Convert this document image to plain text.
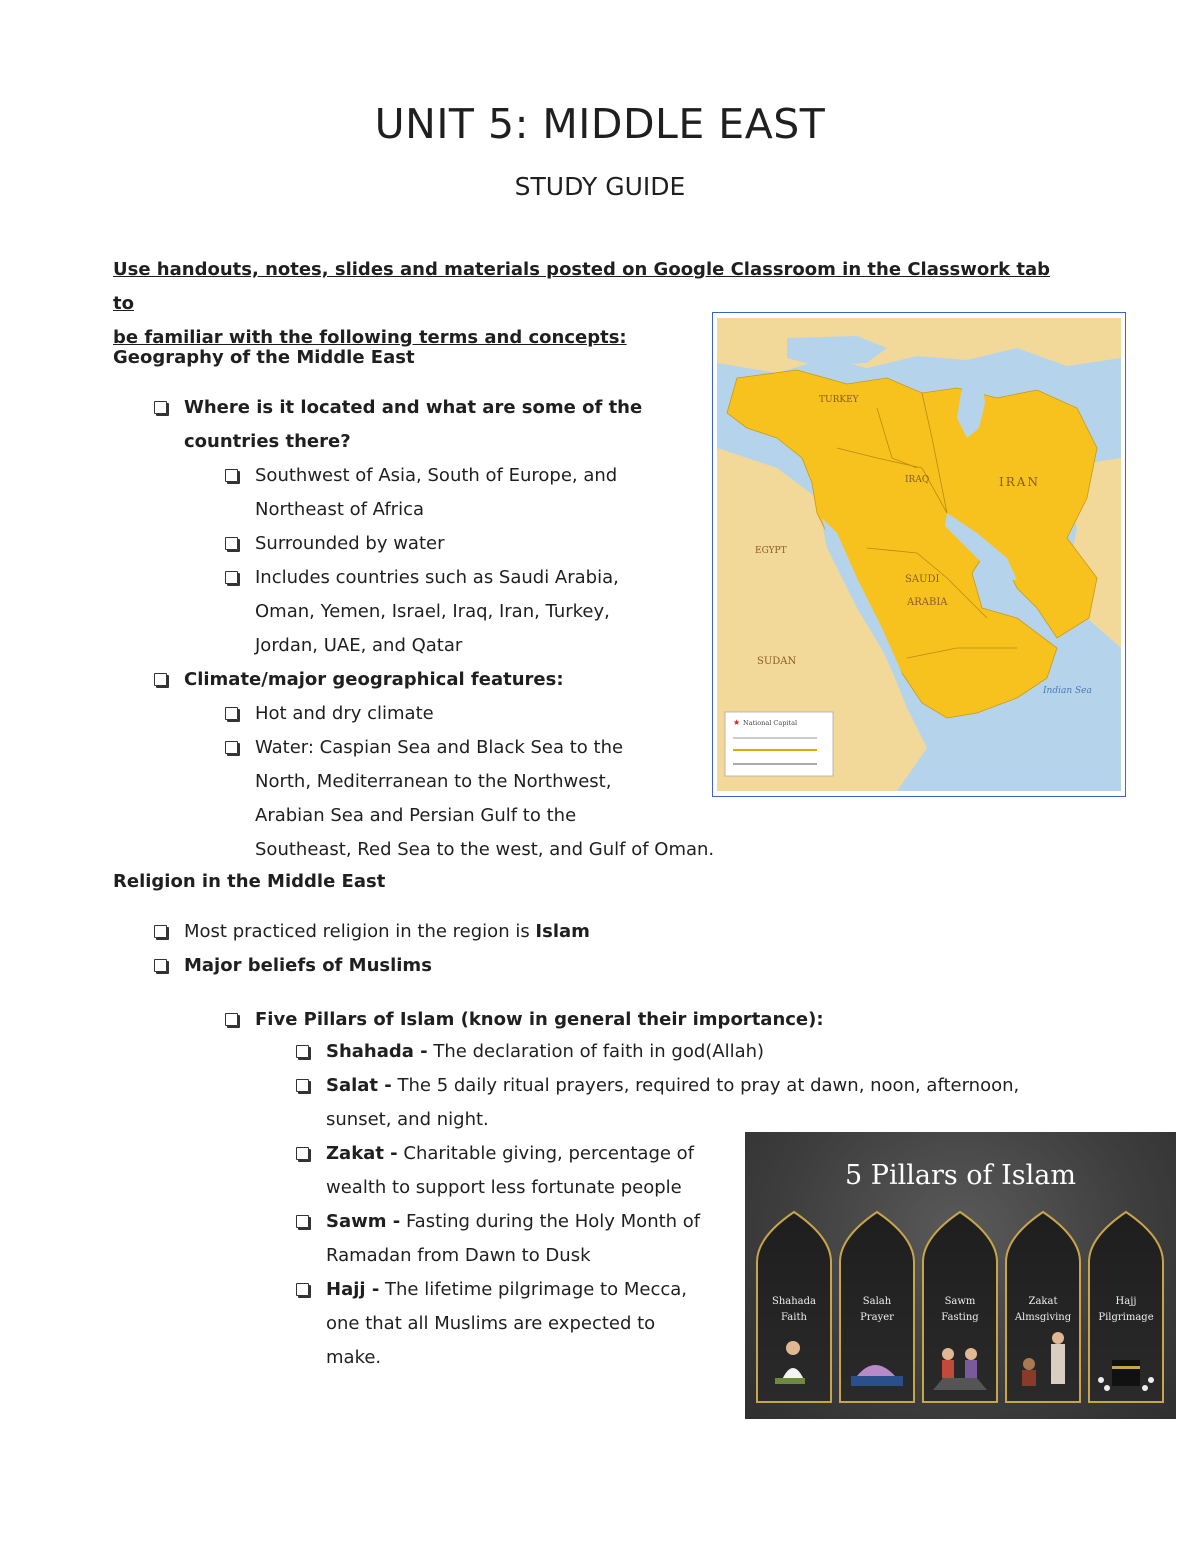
UNIT 5: MIDDLE EAST
STUDY GUIDE
Use handouts, notes, slides and materials posted on Google Classroom in the Classwork tab to
be familiar with the following terms and concepts:
Geography of the Middle East
Where is it located and what are some of the
countries there?
Southwest of Asia, South of Europe, and
Northeast of Africa
Surrounded by water
Includes countries such as Saudi Arabia,
Oman, Yemen, Israel, Iraq, Iran, Turkey,
Jordan, UAE, and Qatar
Climate/major geographical features:
Hot and dry climate
Water: Caspian Sea and Black Sea to the
North, Mediterranean to the Northwest,
Arabian Sea and Persian Gulf to the
Southeast, Red Sea to the west, and Gulf of Oman.
TURKEY
IRAN
IRAQ
EGYPT
SAUDI
ARABIA
SUDAN
Indian Sea
★ National Capital
Religion in the Middle East
Most practiced religion in the region is Islam
Major beliefs of Muslims
Five Pillars of Islam (know in general their importance):
Shahada - The declaration of faith in god(Allah)
Salat - The 5 daily ritual prayers, required to pray at dawn, noon, afternoon,
sunset, and night.
Zakat - Charitable giving, percentage of
wealth to support less fortunate people
Sawm - Fasting during the Holy Month of
Ramadan from Dawn to Dusk
Hajj - The lifetime pilgrimage to Mecca,
one that all Muslims are expected to
make.
5 Pillars of Islam
Shahada
Faith
Salah
Prayer
Sawm
Fasting
Zakat
Almsgiving
Hajj
Pilgrimage
